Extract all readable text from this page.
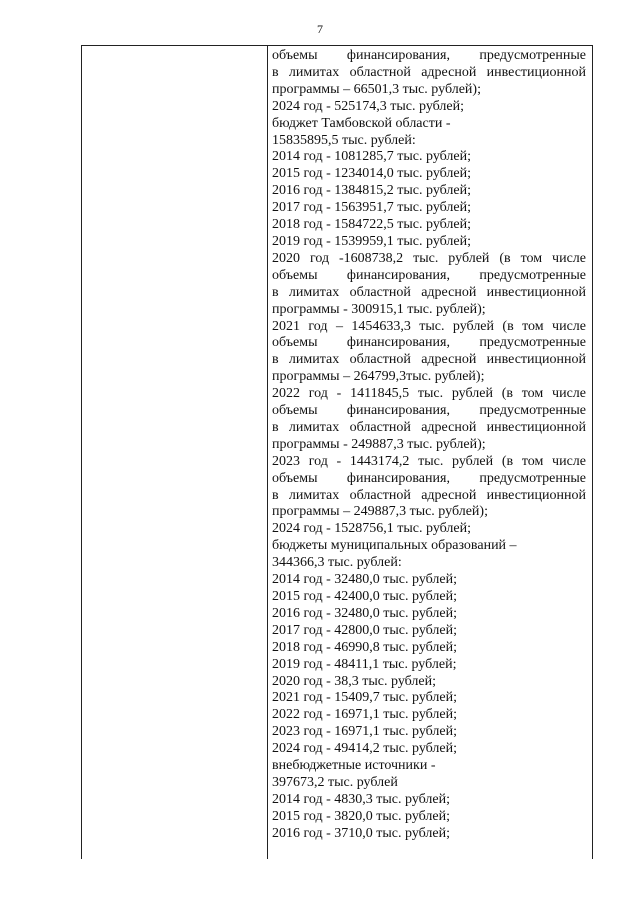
7
объемы финансирования, предусмотренные
в лимитах областной адресной инвестиционной
программы – 66501,3 тыс. рублей);
2024 год - 525174,3 тыс. рублей;
бюджет Тамбовской области -
15835895,5 тыс. рублей:
2014 год - 1081285,7 тыс. рублей;
2015 год - 1234014,0 тыс. рублей;
2016 год - 1384815,2 тыс. рублей;
2017 год - 1563951,7 тыс. рублей;
2018 год - 1584722,5 тыс. рублей;
2019 год - 1539959,1 тыс. рублей;
2020 год -1608738,2 тыс. рублей (в том числе
объемы финансирования, предусмотренные
в лимитах областной адресной инвестиционной
программы - 300915,1 тыс. рублей);
2021 год – 1454633,3 тыс. рублей (в том числе
объемы финансирования, предусмотренные
в лимитах областной адресной инвестиционной
программы – 264799,3тыс. рублей);
2022 год - 1411845,5 тыс. рублей (в том числе
объемы финансирования, предусмотренные
в лимитах областной адресной инвестиционной
программы - 249887,3 тыс. рублей);
2023 год - 1443174,2 тыс. рублей (в том числе
объемы финансирования, предусмотренные
в лимитах областной адресной инвестиционной
программы – 249887,3 тыс. рублей);
2024 год - 1528756,1 тыс. рублей;
бюджеты муниципальных образований –
344366,3 тыс. рублей:
2014 год - 32480,0 тыс. рублей;
2015 год - 42400,0 тыс. рублей;
2016 год - 32480,0 тыс. рублей;
2017 год - 42800,0 тыс. рублей;
2018 год - 46990,8 тыс. рублей;
2019 год - 48411,1 тыс. рублей;
2020 год - 38,3 тыс. рублей;
2021 год - 15409,7 тыс. рублей;
2022 год - 16971,1 тыс. рублей;
2023 год - 16971,1 тыс. рублей;
2024 год - 49414,2 тыс. рублей;
внебюджетные источники -
397673,2 тыс. рублей
2014 год - 4830,3 тыс. рублей;
2015 год - 3820,0 тыс. рублей;
2016 год - 3710,0 тыс. рублей;
